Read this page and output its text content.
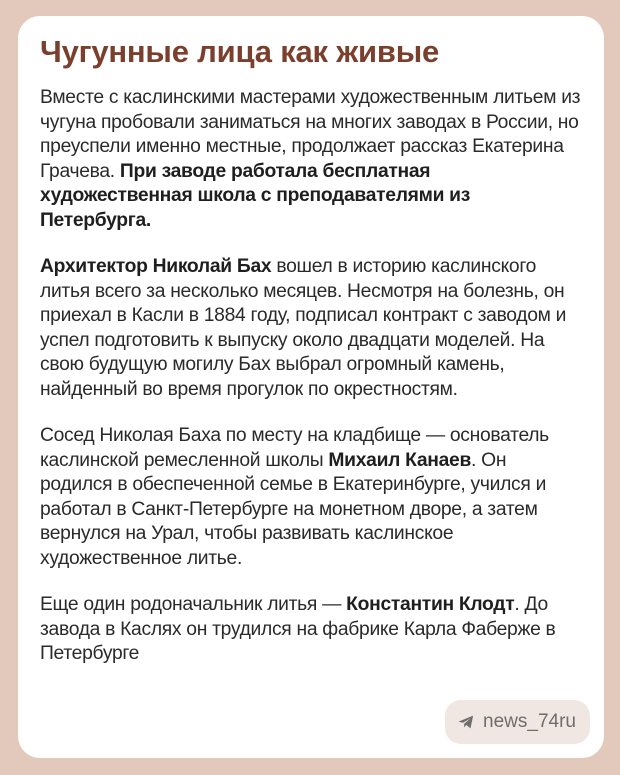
Чугунные лица как живые

Вместе с каслинскими мастерами художественным литьем из чугуна пробовали заниматься на многих заводах в России, но преуспели именно местные, продолжает рассказ Екатерина Грачева. При заводе работала бесплатная художественная школа с преподавателями из Петербурга.

Архитектор Николай Бах вошел в историю каслинского литья всего за несколько месяцев. Несмотря на болезнь, он приехал в Касли в 1884 году, подписал контракт с заводом и успел подготовить к выпуску около двадцати моделей. На свою будущую могилу Бах выбрал огромный камень, найденный во время прогулок по окрестностям.

Сосед Николая Баха по месту на кладбище — основатель каслинской ремесленной школы Михаил Канаев. Он родился в обеспеченной семье в Екатеринбурге, учился и работал в Санкт-Петербурге на монетном дворе, а затем вернулся на Урал, чтобы развивать каслинское художественное литье.

Еще один родоначальник литья — Константин Клодт. До завода в Каслях он трудился на фабрике Карла Фаберже в Петербурге

news_74ru
